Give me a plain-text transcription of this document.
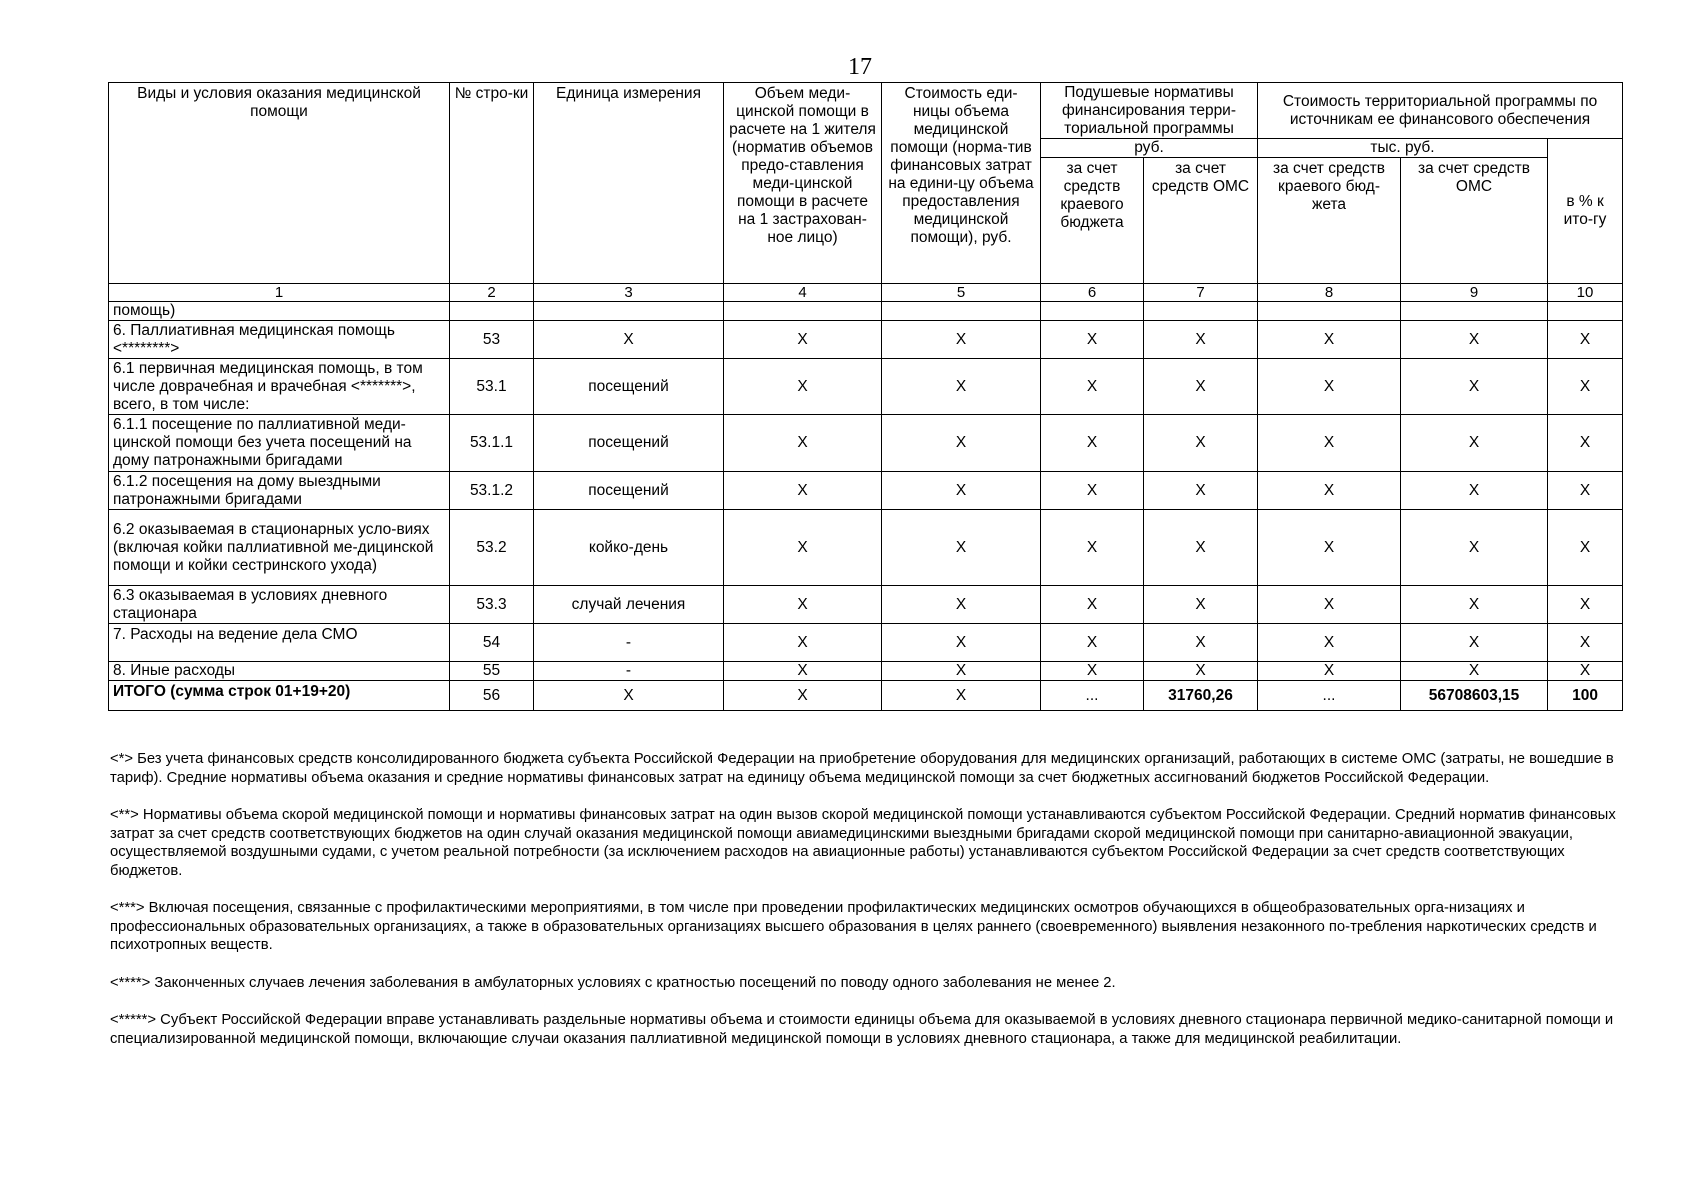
17
Виды и условия оказания медицинской помощи	№ стро-ки	Единица измерения	Объем меди-цинской помощи в расчете на 1 жителя (норматив объемов предо-ставления меди-цинской помощи в расчете на 1 застрахован-ное лицо)	Стоимость еди-ницы объема медицинской помощи (норма-тив финансовых затрат на едини-цу объема предоставления медицинской помощи), руб.	Подушевые нормативы финансирования терри-ториальной программы		Стоимость территориальной программы по источникам ее финансового обеспечения		
					руб.		тыс. руб.		в % к ито-гу
					за счет средств краевого бюджета	за счет средств ОМС	за счет средств краевого бюд-жета	за счет средств ОМС	
1	2	3	4	5	6	7	8	9	10
помощь)									
6. Паллиативная медицинская помощь <********>	53	X	X	X	X	X	X	X	X
6.1 первичная медицинская помощь, в том числе доврачебная и врачебная <*******>, всего, в том числе:	53.1	посещений	X	X	X	X	X	X	X
6.1.1 посещение по паллиативной меди-цинской помощи без учета посещений на дому патронажными бригадами	53.1.1	посещений	X	X	X	X	X	X	X
6.1.2 посещения на дому выездными патронажными бригадами	53.1.2	посещений	X	X	X	X	X	X	X
6.2 оказываемая в стационарных усло-виях (включая койки паллиативной ме-дицинской помощи и койки сестринского ухода)	53.2	койко-день	X	X	X	X	X	X	X
6.3 оказываемая в условиях дневного стационара	53.3	случай лечения	X	X	X	X	X	X	X
7. Расходы на ведение дела СМО	54	-	X	X	X	X	X	X	X
8. Иные расходы	55	-	X	X	X	X	X	X	X
ИТОГО (сумма строк 01+19+20)	56	X	X	X	...	31760,26	...	56708603,15	100

<*> Без учета финансовых средств консолидированного бюджета субъекта Российской Федерации на приобретение оборудования для медицинских организаций, работающих в системе ОМС (затраты, не вошедшие в тариф). Средние нормативы объема оказания и средние нормативы финансовых затрат на единицу объема медицинской помощи за счет бюджетных ассигнований бюджетов Российской Федерации.

<**> Нормативы объема скорой медицинской помощи и нормативы финансовых затрат на один вызов скорой медицинской помощи устанавливаются субъектом Российской Федерации. Средний норматив финансовых затрат за счет средств соответствующих бюджетов на один случай оказания медицинской помощи авиамедицинскими выездными бригадами скорой медицинской помощи при санитарно-авиационной эвакуации, осуществляемой воздушными судами, с учетом реальной потребности (за исключением расходов на авиационные работы) устанавливаются субъектом Российской Федерации за счет средств соответствующих бюджетов.

<***> Включая посещения, связанные с профилактическими мероприятиями, в том числе при проведении профилактических медицинских осмотров обучающихся в общеобразовательных орга-низациях и профессиональных образовательных организациях, а также в образовательных организациях высшего образования в целях раннего (своевременного) выявления незаконного по-требления наркотических средств и психотропных веществ.

<****> Законченных случаев лечения заболевания в амбулаторных условиях с кратностью посещений по поводу одного заболевания не менее 2.

<*****> Субъект Российской Федерации вправе устанавливать раздельные нормативы объема и стоимости единицы объема для оказываемой в условиях дневного стационара первичной медико-санитарной помощи и специализированной медицинской помощи, включающие случаи оказания паллиативной медицинской помощи в условиях дневного стационара, а также для медицинской реабилитации.
